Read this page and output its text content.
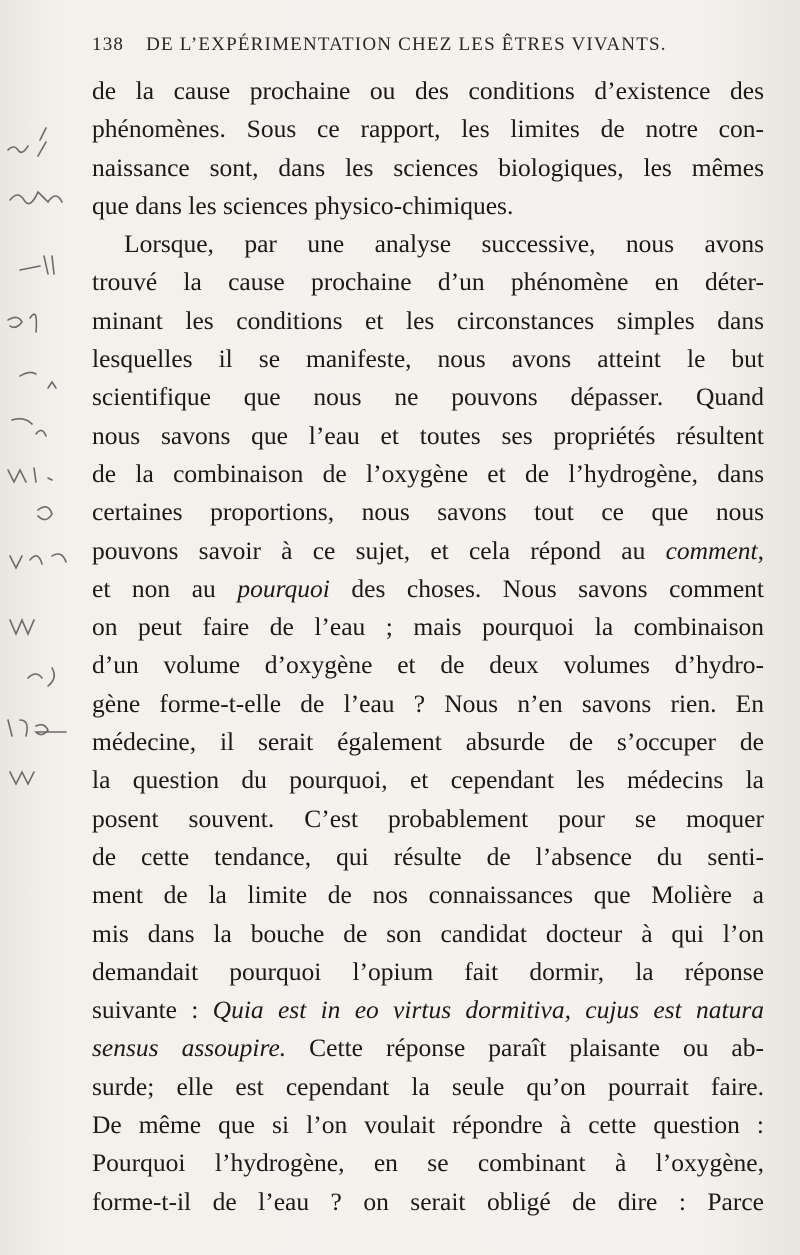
138 DE L’EXPÉRIMENTATION CHEZ LES ÊTRES VIVANTS.
de la cause prochaine ou des conditions d’existence des
phénomènes. Sous ce rapport, les limites de notre con-
naissance sont, dans les sciences biologiques, les mêmes
que dans les sciences physico-chimiques.
Lorsque, par une analyse successive, nous avons
trouvé la cause prochaine d’un phénomène en déter-
minant les conditions et les circonstances simples dans
lesquelles il se manifeste, nous avons atteint le but
scientifique que nous ne pouvons dépasser. Quand
nous savons que l’eau et toutes ses propriétés résultent
de la combinaison de l’oxygène et de l’hydrogène, dans
certaines proportions, nous savons tout ce que nous
pouvons savoir à ce sujet, et cela répond au comment,
et non au pourquoi des choses. Nous savons comment
on peut faire de l’eau ; mais pourquoi la combinaison
d’un volume d’oxygène et de deux volumes d’hydro-
gène forme-t-elle de l’eau ? Nous n’en savons rien. En
médecine, il serait également absurde de s’occuper de
la question du pourquoi, et cependant les médecins la
posent souvent. C’est probablement pour se moquer
de cette tendance, qui résulte de l’absence du senti-
ment de la limite de nos connaissances que Molière a
mis dans la bouche de son candidat docteur à qui l’on
demandait pourquoi l’opium fait dormir, la réponse
suivante : Quia est in eo virtus dormitiva, cujus est natura
sensus assoupire. Cette réponse paraît plaisante ou ab-
surde; elle est cependant la seule qu’on pourrait faire.
De même que si l’on voulait répondre à cette question :
Pourquoi l’hydrogène, en se combinant à l’oxygène,
forme-t-il de l’eau ? on serait obligé de dire : Parce
